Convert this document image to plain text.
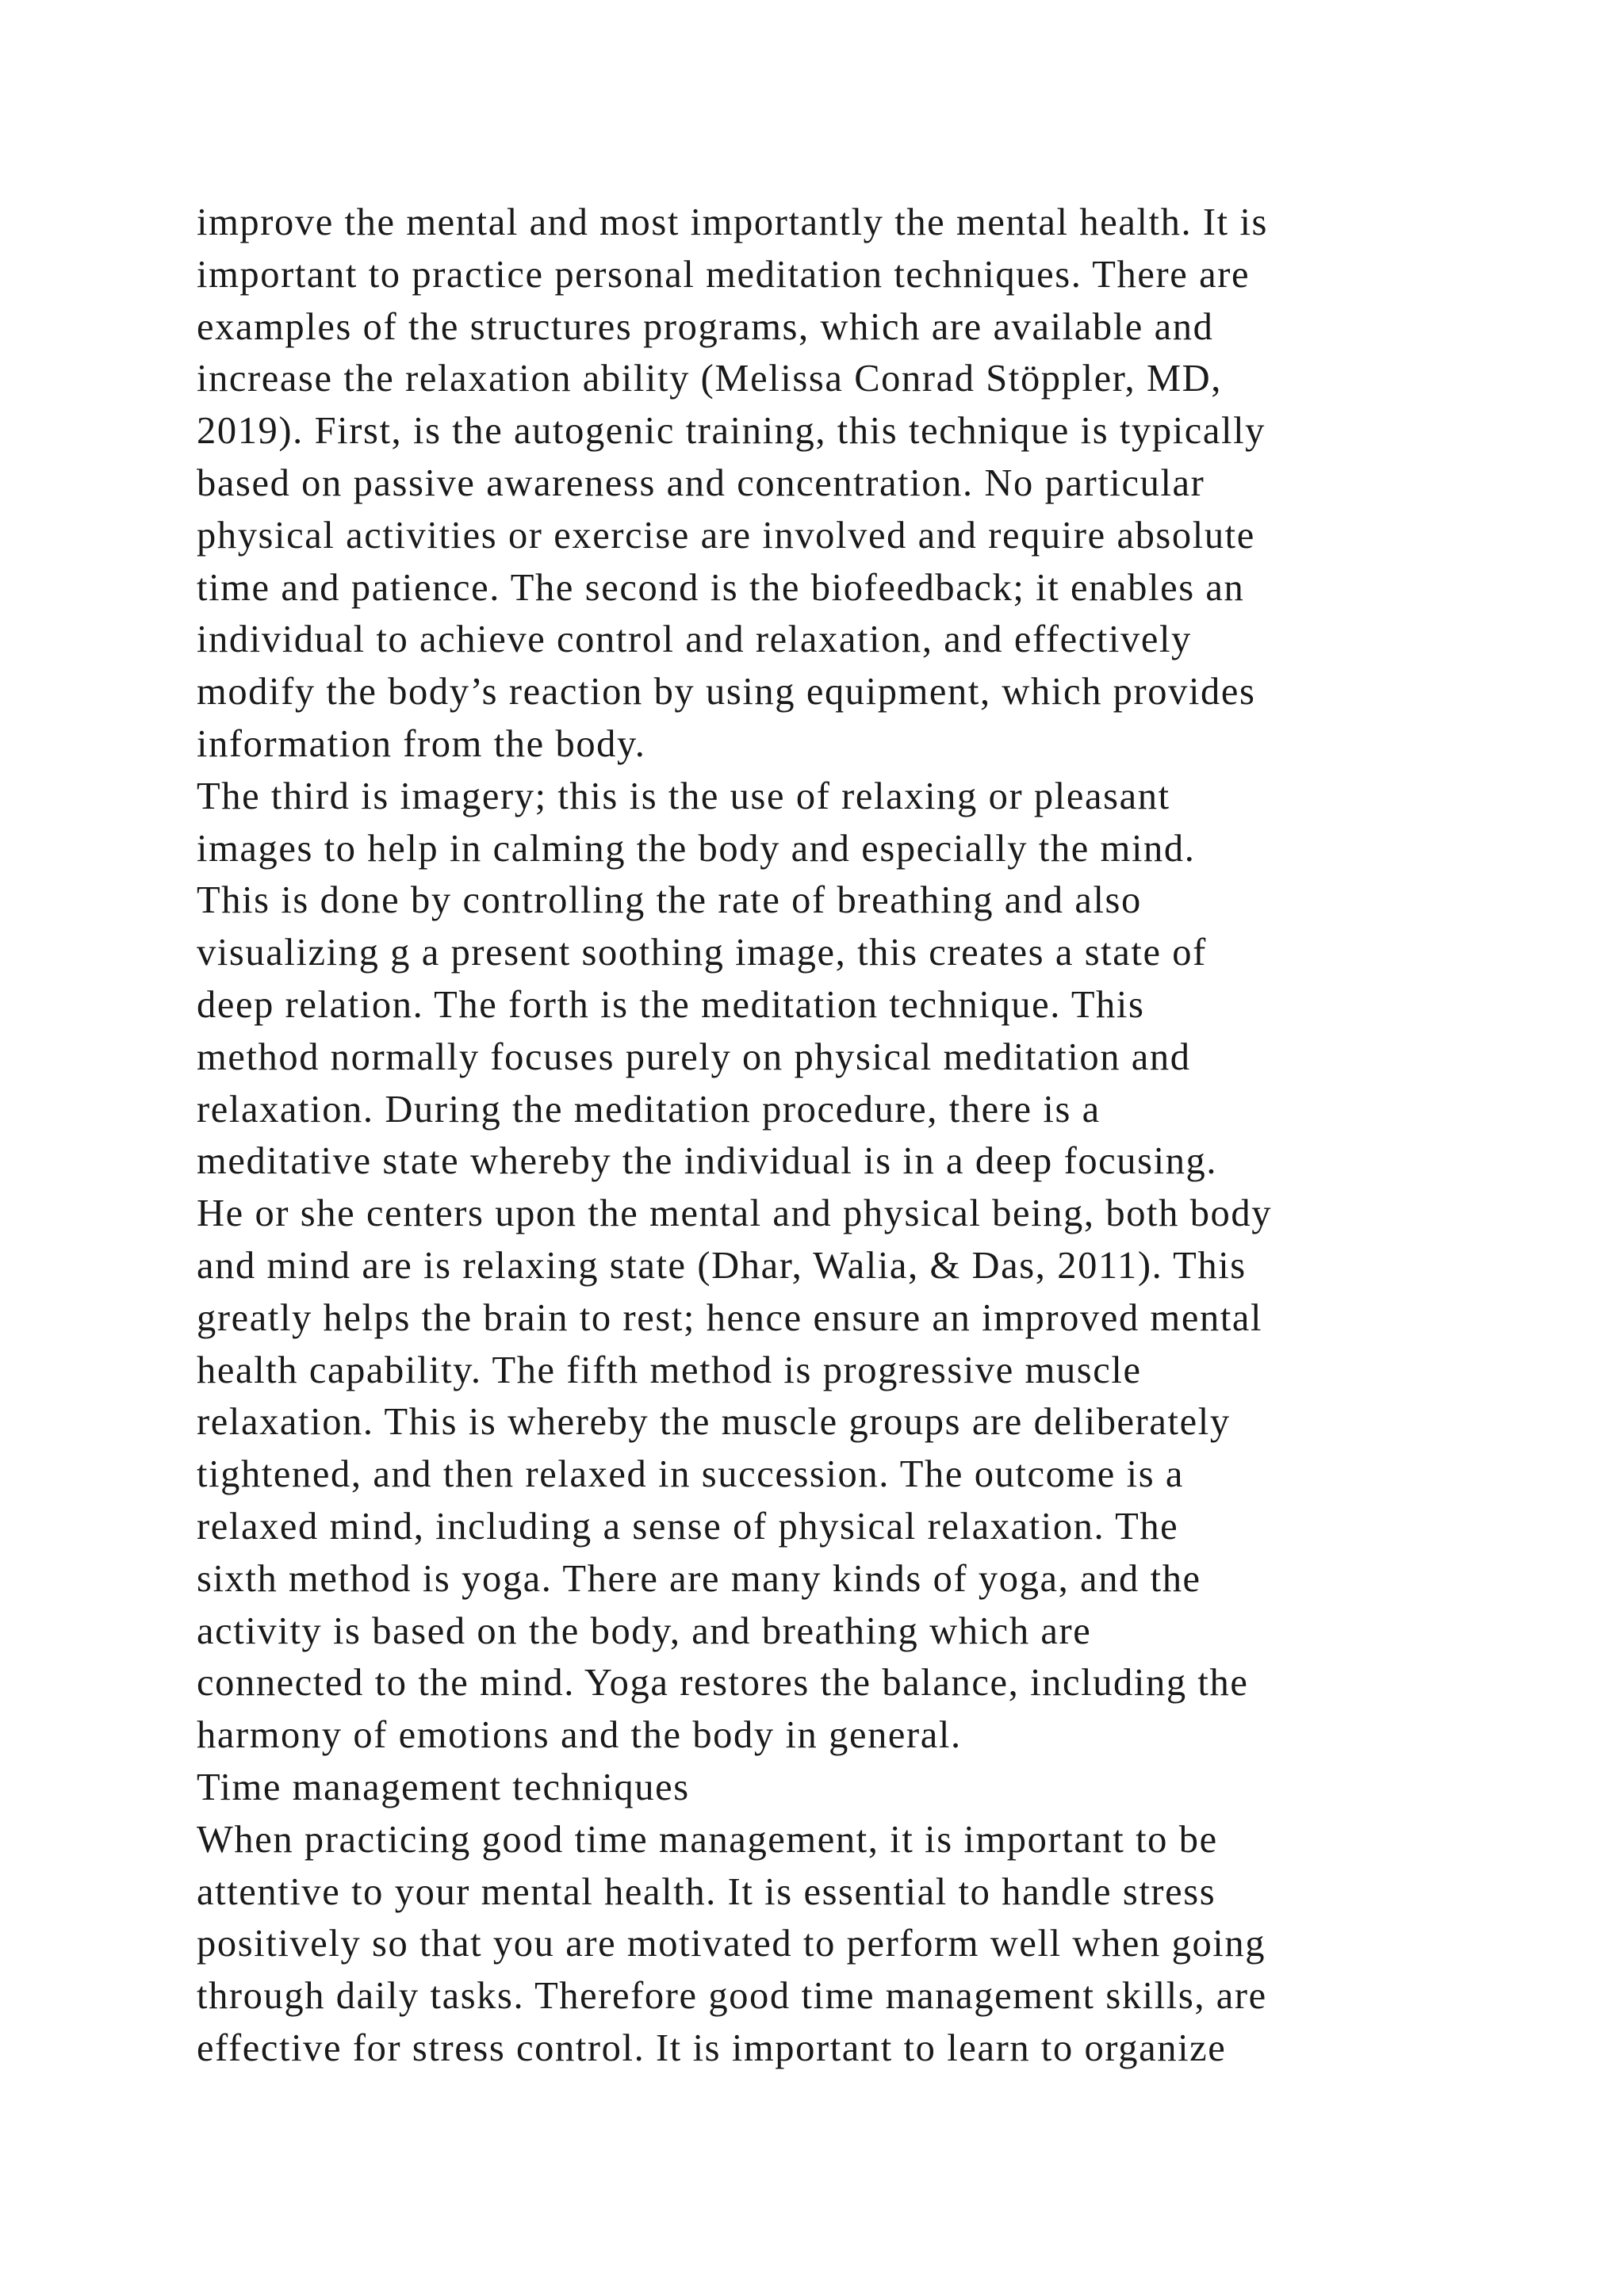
improve the mental and most importantly the mental health. It is
important to practice personal meditation techniques. There are
examples of the structures programs, which are available and
increase the relaxation ability (Melissa Conrad Stöppler, MD,
2019). First, is the autogenic training, this technique is typically
based on passive awareness and concentration. No particular
physical activities or exercise are involved and require absolute
time and patience. The second is the biofeedback; it enables an
individual to achieve control and relaxation, and effectively
modify the body’s reaction by using equipment, which provides
information from the body.
The third is imagery; this is the use of relaxing or pleasant
images to help in calming the body and especially the mind.
This is done by controlling the rate of breathing and also
visualizing g a present soothing image, this creates a state of
deep relation. The forth is the meditation technique. This
method normally focuses purely on physical meditation and
relaxation. During the meditation procedure, there is a
meditative state whereby the individual is in a deep focusing.
He or she centers upon the mental and physical being, both body
and mind are is relaxing state (Dhar, Walia, & Das, 2011). This
greatly helps the brain to rest; hence ensure an improved mental
health capability. The fifth method is progressive muscle
relaxation. This is whereby the muscle groups are deliberately
tightened, and then relaxed in succession. The outcome is a
relaxed mind, including a sense of physical relaxation. The
sixth method is yoga. There are many kinds of yoga, and the
activity is based on the body, and breathing which are
connected to the mind. Yoga restores the balance, including the
harmony of emotions and the body in general.
Time management techniques
When practicing good time management, it is important to be
attentive to your mental health. It is essential to handle stress
positively so that you are motivated to perform well when going
through daily tasks. Therefore good time management skills, are
effective for stress control. It is important to learn to organize
